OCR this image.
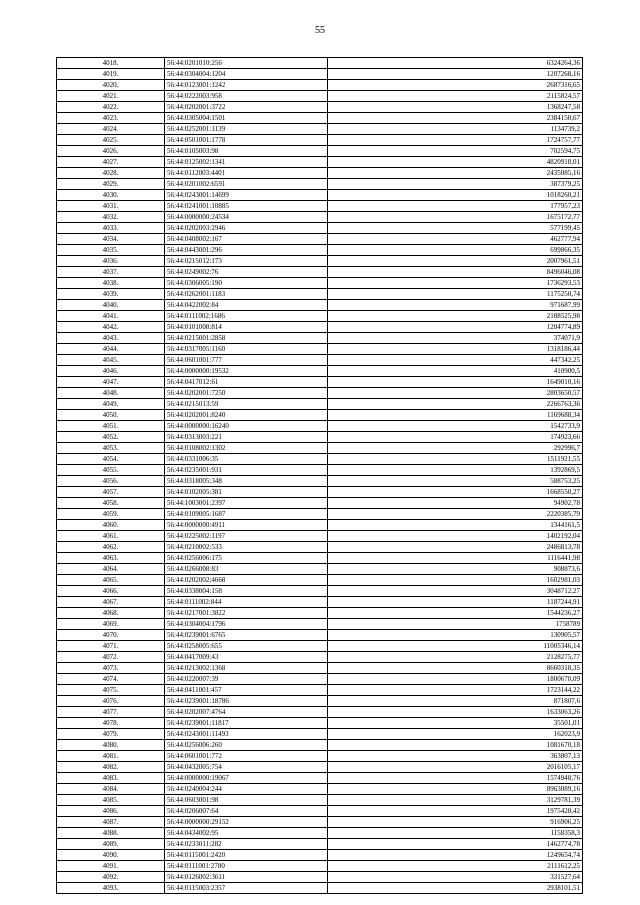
55
4018.	56:44:0201010:256	6324264,36
4019.	56:44:0304004:1204	1207268,16
4020.	56:44:0123001:1242	2687316,65
4021.	56:44:0222003:958	2115824,57
4022.	56:44:0202001:3722	1368247,58
4023.	56:44:0305004:1501	2384150,67
4024.	56:44:0252001:1139	1134739,2
4025.	56:44:0501001:1778	1724757,77
4026.	56:44:0105003:98	702594,75
4027.	56:44:0125002:1341	4820918,01
4028.	56:44:0112003:4401	2435085,16
4029.	56:44:0201002:6591	387379,25
4030.	56:44:0243001:14699	1018260,21
4031.	56:44:0241001:10885	177957,23
4032.	56:44:0000000:24534	1675172,77
4033.	56:44:0202003:2946	577199,45
4034.	56:44:0408002:167	462777,94
4035.	56:44:0443001:296	699866,35
4036.	56:44:0215012:173	2007961,51
4037.	56:44:0249002:76	8496046,08
4038.	56:44:0306005:190	1736293,53
4039.	56:44:0262001:1183	1175250,74
4040.	56:44:0422002:84	971687,99
4041.	56:44:0111002:1686	2188525,98
4042.	56:44:0101008:814	1204774,89
4043.	56:44:0215001:2858	374071,9
4044.	56:44:0317005:1160	1318186,44
4045.	56:44:0601001:777	447342,25
4046.	56:44:0000000:19532	410900,5
4047.	56:44:0417012:61	1649010,16
4048.	56:44:0202001:7250	2803650,57
4049.	56:44:0215013:59	2266763,36
4050.	56:44:0202001:8240	1169688,34
4051.	56:44:0000000:16240	1542733,9
4052.	56:44:0313003:221	174923,66
4053.	56:44:0108002:1302	292996,7
4054.	56:44:0331006:35	1511921,55
4055.	56:44:0235001:931	1392869,5
4056.	56:44:0318005:348	588753,25
4057.	56:44:0102005:381	1668550,27
4058.	56:44:1003001:2397	94902,78
4059.	56:44:0109005:1687	2220385,79
4060.	56:44:0000000:4911	1344161,5
4061.	56:44:0225002:1197	1402192,04
4062.	56:44:0210002:533	2486813,78
4063.	56:44:0256006:175	1116441,98
4064.	56:44:0266008:83	908873,6
4065.	56:44:0202002:4668	1602981,03
4066.	56:44:0338004:158	3048712,27
4067.	56:44:0111002:844	1187244,91
4068.	56:44:0217001:3822	1544236,27
4069.	56:44:0304004:1796	1758789
4070.	56:44:0239001:6765	130905,57
4071.	56:44:0258005:655	11005346,14
4072.	56:44:0417009:43	2128275,77
4073.	56:44:0213002:1368	8660318,35
4074.	56:44:0220007:39	1800670,09
4075.	56:44:0411001:457	1723144,22
4076.	56:44:0239001:18786	871807,6
4077.	56:44:0202007:4764	1633063,26
4078.	56:44:0239001:11817	35501,01
4079.	56:44:0243001:11493	162023,9
4080.	56:44:0256006:260	1081670,18
4081.	56:44:0601001:772	363807,13
4082.	56:44:0432005:754	2016105,17
4083.	56:44:0000000:19067	1574948,76
4084.	56:44:0240004:244	8963089,16
4085.	56:44:0603001:98	3129781,39
4086.	56:44:0206007:64	1975420,42
4087.	56:44:0000000:29152	916906,25
4088.	56:44:0434002:95	1158358,3
4089.	56:44:0233011:282	1462774,78
4090.	56:44:0115001:2420	1249654,74
4091.	56:44:0111001:2780	2111612,25
4092.	56:44:0126002:3611	331527,64
4093.	56:44:0115003:2357	2938101,51
